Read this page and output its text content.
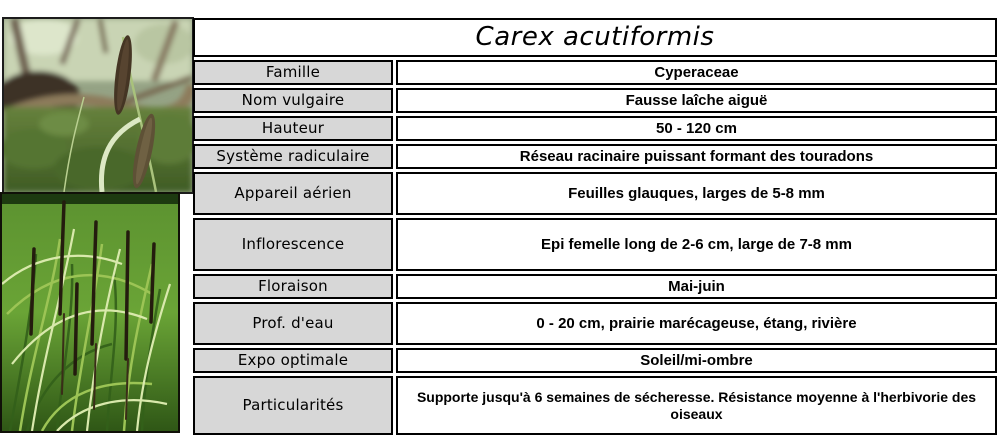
Carex acutiformis
Famille	Cyperaceae
Nom vulgaire	Fausse laîche aiguë
Hauteur	50 - 120 cm
Système radiculaire	Réseau racinaire puissant formant des touradons
Appareil aérien	Feuilles glauques, larges de 5-8 mm
Inflorescence	Epi femelle long de 2-6 cm, large de 7-8 mm
Floraison	Mai-juin
Prof. d'eau	0 - 20 cm, prairie marécageuse, étang, rivière
Expo optimale	Soleil/mi-ombre
Particularités	Supporte jusqu'à 6 semaines de sécheresse. Résistance moyenne à l'herbivorie des oiseaux
